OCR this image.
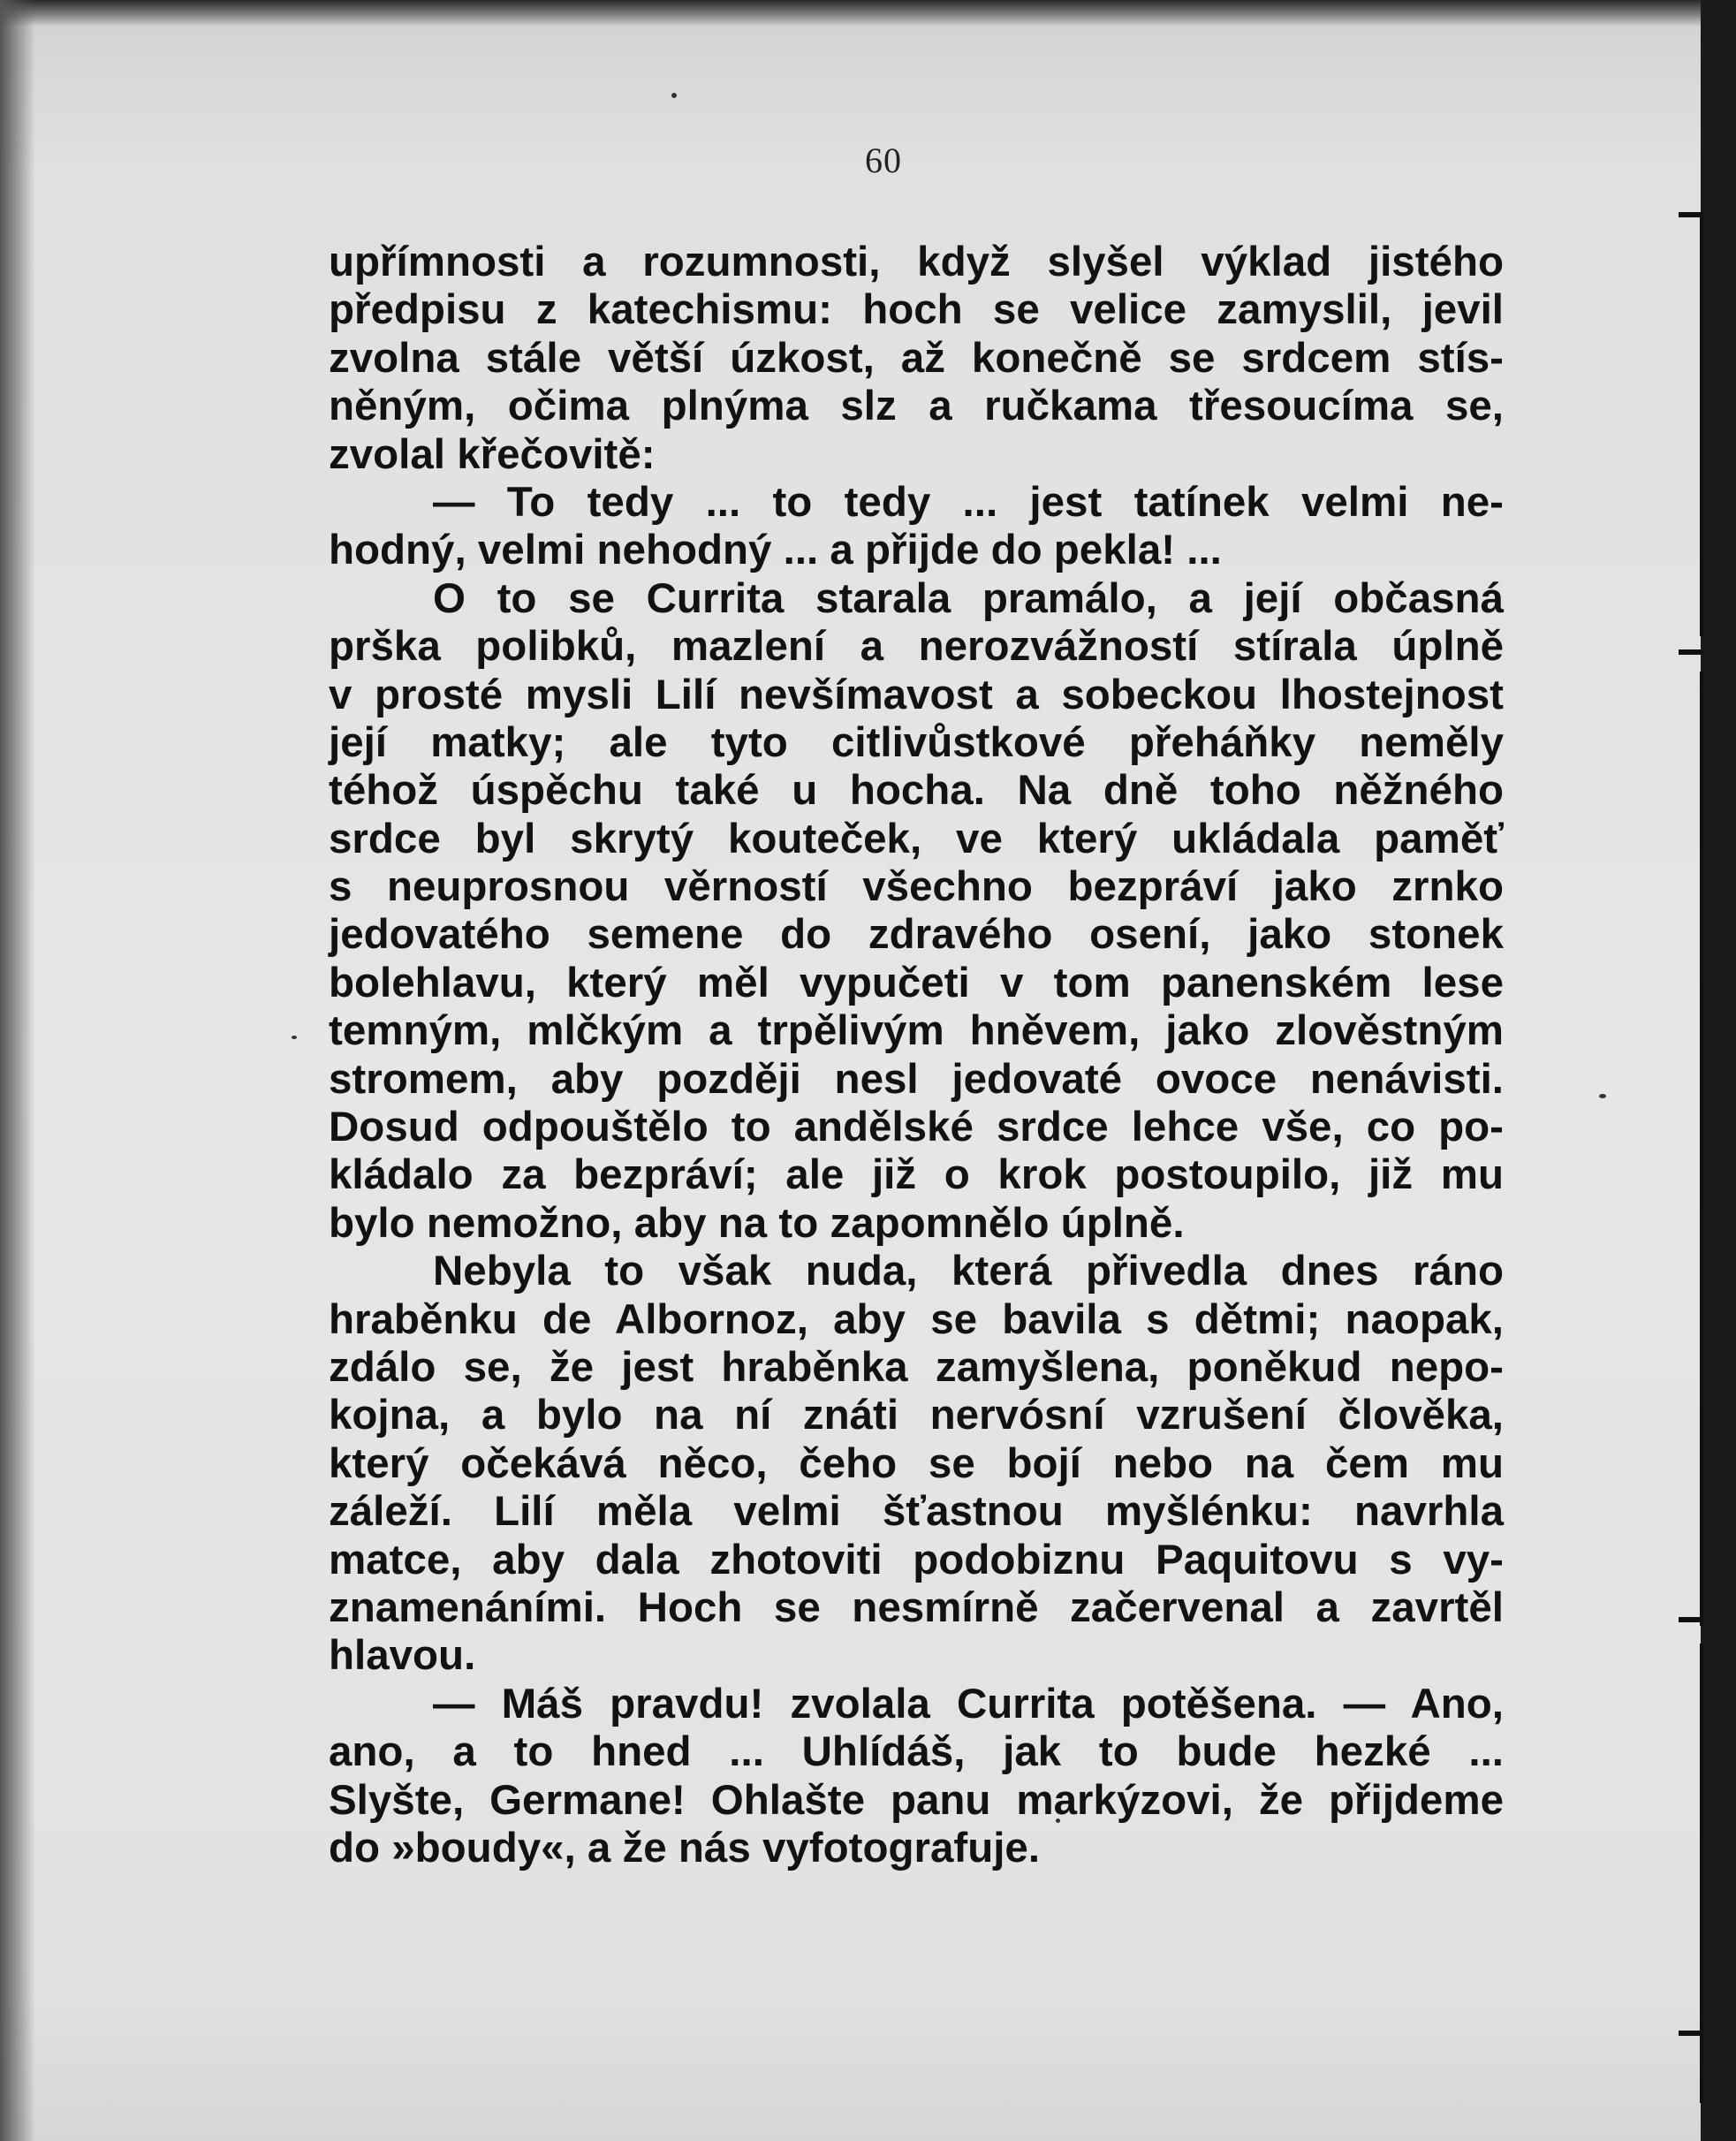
60
upřímnosti a rozumnosti, když slyšel výklad jistého
předpisu z katechismu: hoch se velice zamyslil, jevil
zvolna stále větší úzkost, až konečně se srdcem stís-
něným, očima plnýma slz a ručkama třesoucíma se,
zvolal křečovitě:
— To tedy ... to tedy ... jest tatínek velmi ne-
hodný, velmi nehodný ... a přijde do pekla! ...
O to se Currita starala pramálo, a její občasná
prška polibků, mazlení a nerozvážností stírala úplně
v prosté mysli Lilí nevšímavost a sobeckou lhostejnost
její matky; ale tyto citlivůstkové přeháňky neměly
téhož úspěchu také u hocha. Na dně toho něžného
srdce byl skrytý kouteček, ve který ukládala paměť
s neuprosnou věrností všechno bezpráví jako zrnko
jedovatého semene do zdravého osení, jako stonek
bolehlavu, který měl vypučeti v tom panenském lese
temným, mlčkým a trpělivým hněvem, jako zlověstným
stromem, aby později nesl jedovaté ovoce nenávisti.
Dosud odpouštělo to andělské srdce lehce vše, co po-
kládalo za bezpráví; ale již o krok postoupilo, již mu
bylo nemožno, aby na to zapomnělo úplně.
Nebyla to však nuda, která přivedla dnes ráno
hraběnku de Albornoz, aby se bavila s dětmi; naopak,
zdálo se, že jest hraběnka zamyšlena, poněkud nepo-
kojna, a bylo na ní znáti nervósní vzrušení člověka,
který očekává něco, čeho se bojí nebo na čem mu
záleží. Lilí měla velmi šťastnou myšlénku: navrhla
matce, aby dala zhotoviti podobiznu Paquitovu s vy-
znamenáními. Hoch se nesmírně začervenal a zavrtěl
hlavou.
— Máš pravdu! zvolala Currita potěšena. — Ano,
ano, a to hned ... Uhlídáš, jak to bude hezké ...
Slyšte, Germane! Ohlašte panu markýzovi, že přijdeme
do »boudy«, a že nás vyfotografuje.
